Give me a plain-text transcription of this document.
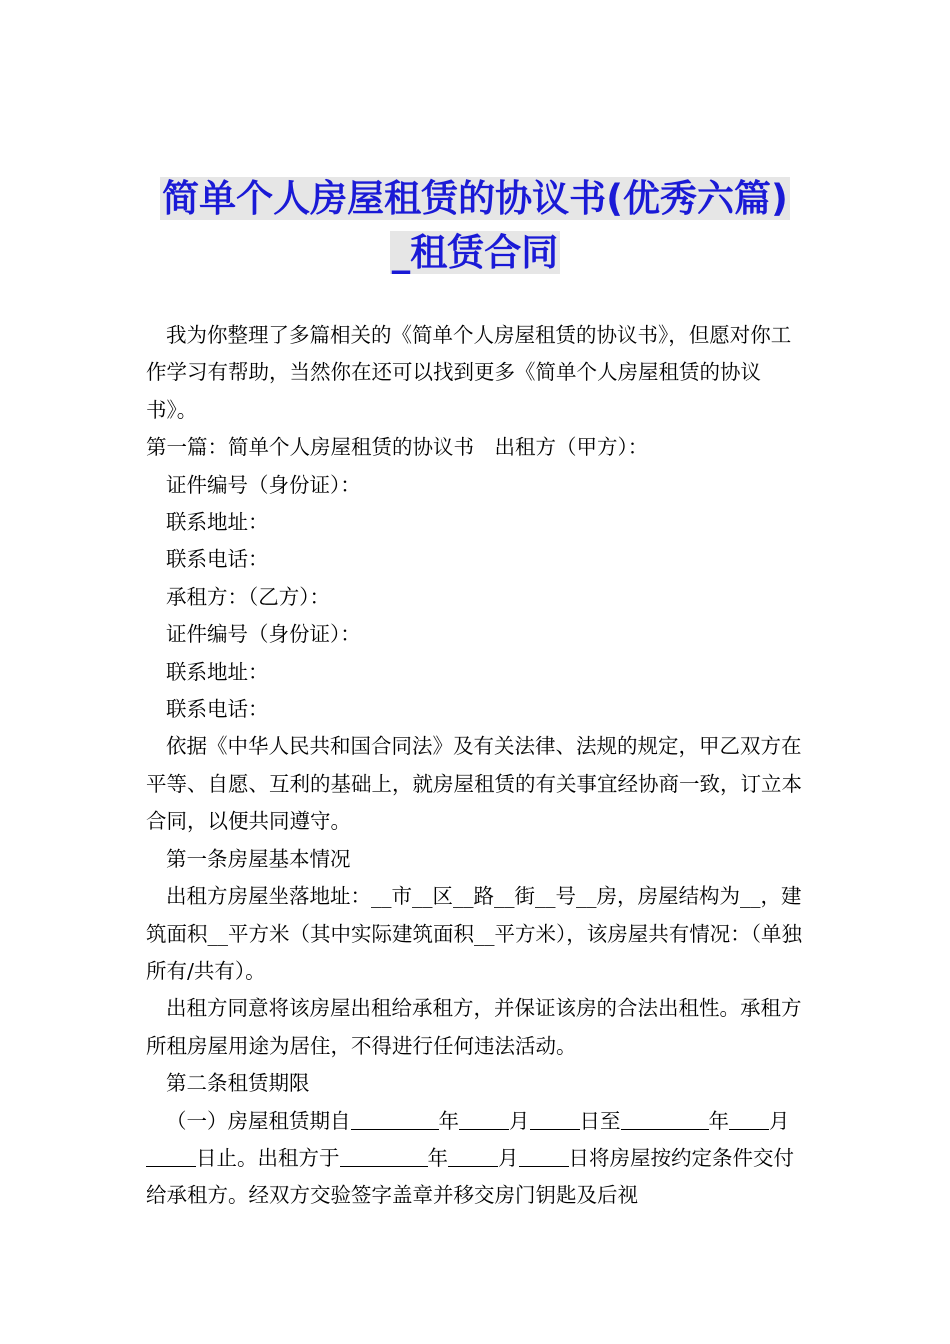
简单个人房屋租赁的协议书(优秀六篇)
_租赁合同

我为你整理了多篇相关的《简单个人房屋租赁的协议书》，但愿对你工作学习有帮助，当然你在还可以找到更多《简单个人房屋租赁的协议书》。

第一篇：简单个人房屋租赁的协议书　出租方（甲方）：

证件编号（身份证）：

联系地址：

联系电话：

承租方：（乙方）：

证件编号（身份证）：

联系地址：

联系电话：

依据《中华人民共和国合同法》及有关法律、法规的规定，甲乙双方在平等、自愿、互利的基础上，就房屋租赁的有关事宜经协商一致，订立本合同，以便共同遵守。

第一条房屋基本情况

出租方房屋坐落地址：__市__区__路__街__号__房，房屋结构为__，建筑面积__平方米（其中实际建筑面积__平方米），该房屋共有情况：（单独所有/共有）。

出租方同意将该房屋出租给承租方，并保证该房的合法出租性。承租方所租房屋用途为居住，不得进行任何违法活动。

第二条租赁期限

（一）房屋租赁期自	年 月 日至	年 月日止。出租方于	年 月 日将房屋按约定条件交付给承租方。经双方交验签字盖章并移交房门钥匙及后视
